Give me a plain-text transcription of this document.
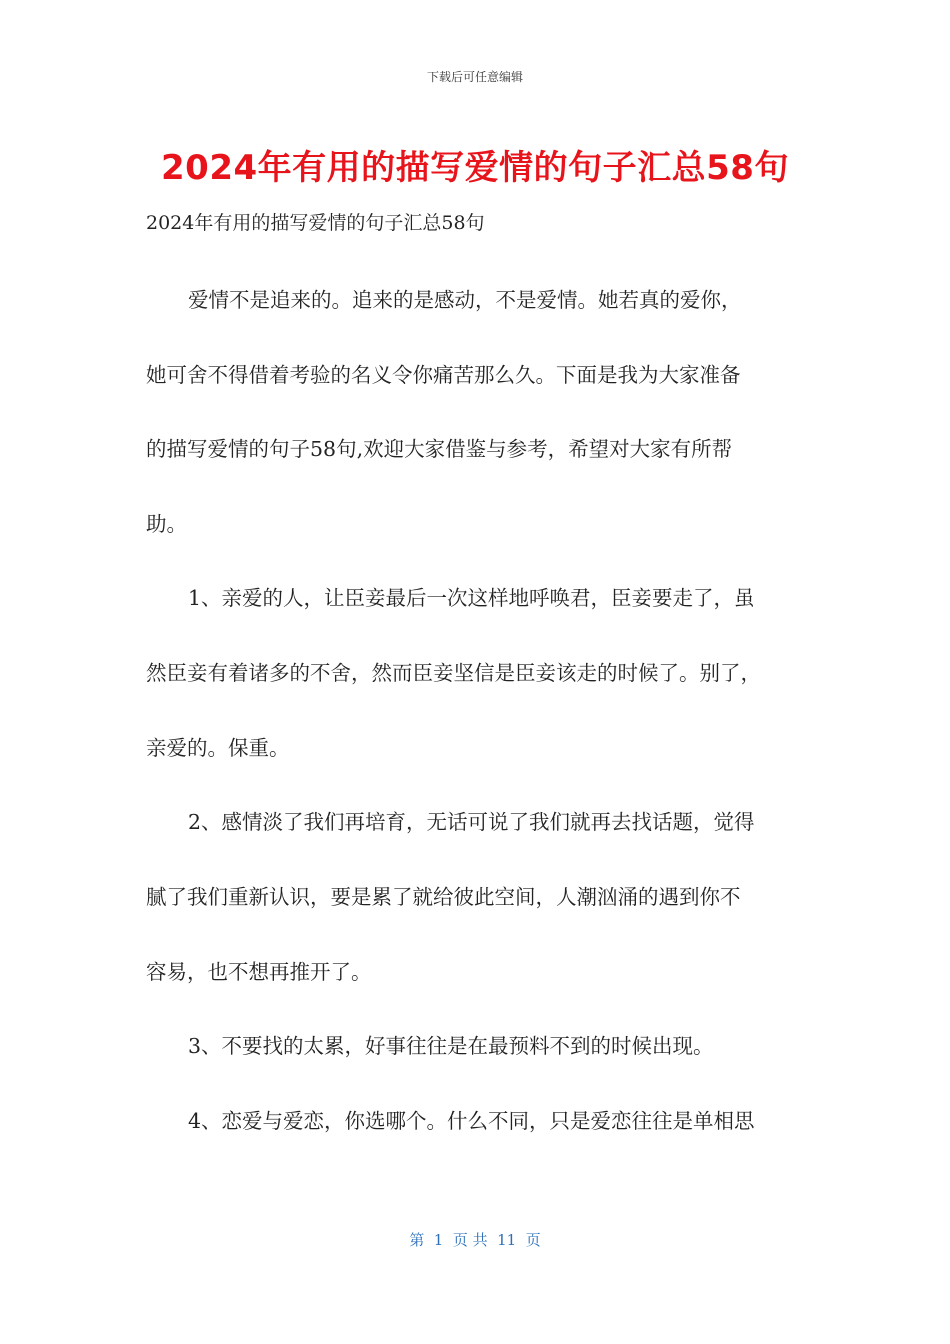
下载后可任意编辑
2024年有用的描写爱情的句子汇总58句
2024年有用的描写爱情的句子汇总58句
爱情不是追来的。追来的是感动，不是爱情。她若真的爱你，
她可舍不得借着考验的名义令你痛苦那么久。下面是我为大家准备
的描写爱情的句子58句,欢迎大家借鉴与参考，希望对大家有所帮
助。
1、亲爱的人，让臣妾最后一次这样地呼唤君，臣妾要走了，虽
然臣妾有着诸多的不舍，然而臣妾坚信是臣妾该走的时候了。别了，
亲爱的。保重。
2、感情淡了我们再培育，无话可说了我们就再去找话题，觉得
腻了我们重新认识，要是累了就给彼此空间，人潮汹涌的遇到你不
容易，也不想再推开了。
3、不要找的太累，好事往往是在最预料不到的时候出现。
4、恋爱与爱恋，你选哪个。什么不同，只是爱恋往往是单相思
第  1  页 共  11  页
